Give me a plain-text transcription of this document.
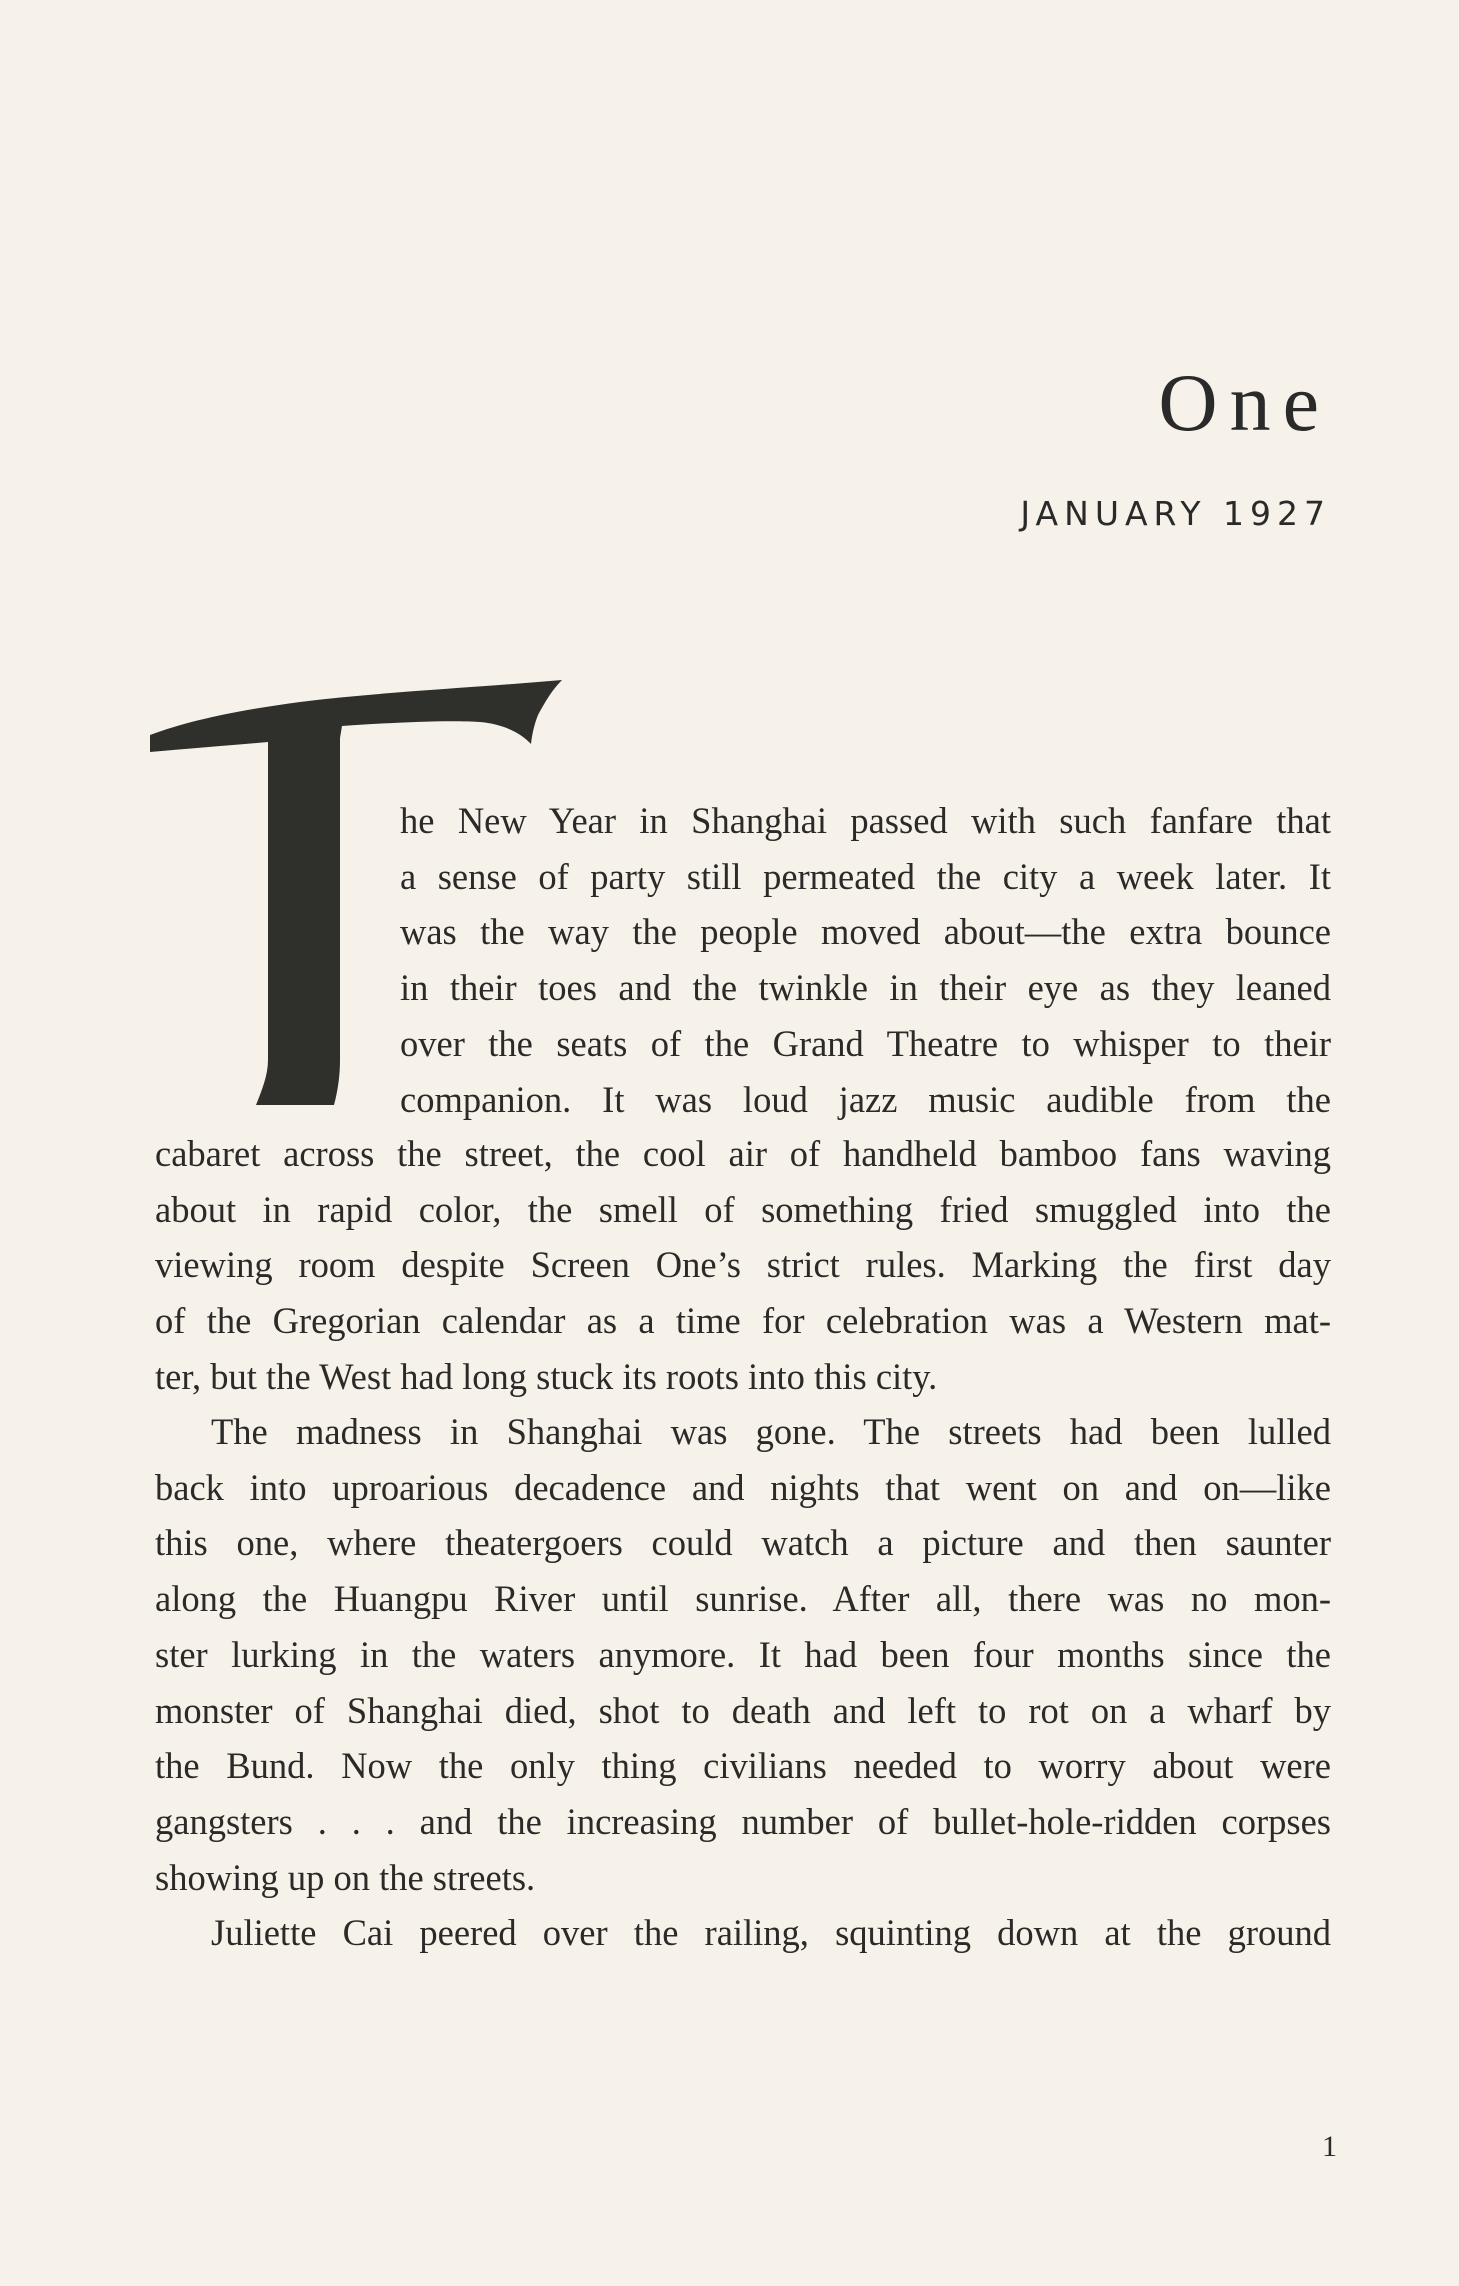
One
JANUARY 1927
he New Year in Shanghai passed with such fanfare that
a sense of party still permeated the city a week later. It
was the way the people moved about—the extra bounce
in their toes and the twinkle in their eye as they leaned
over the seats of the Grand Theatre to whisper to their
companion. It was loud jazz music audible from the
cabaret across the street, the cool air of handheld bamboo fans waving
about in rapid color, the smell of something fried smuggled into the
viewing room despite Screen One’s strict rules. Marking the first day
of the Gregorian calendar as a time for celebration was a Western mat-
ter, but the West had long stuck its roots into this city.
The madness in Shanghai was gone. The streets had been lulled
back into uproarious decadence and nights that went on and on—like
this one, where theatergoers could watch a picture and then saunter
along the Huangpu River until sunrise. After all, there was no mon-
ster lurking in the waters anymore. It had been four months since the
monster of Shanghai died, shot to death and left to rot on a wharf by
the Bund. Now the only thing civilians needed to worry about were
gangsters . . . and the increasing number of bullet-hole-ridden corpses
showing up on the streets.
Juliette Cai peered over the railing, squinting down at the ground
1
